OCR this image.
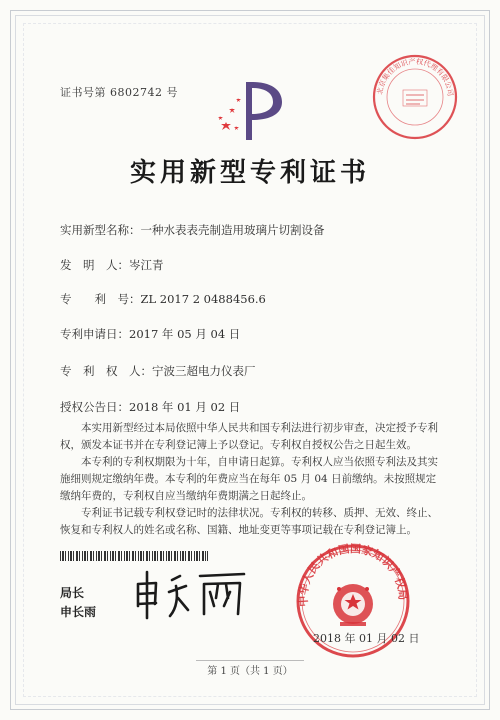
证书号第 6802742 号	北京集佳知识产权代理有限公司
实用新型专利证书
实用新型名称：一种水表表壳制造用玻璃片切割设备
发　明　人：岑江青
专　　利　号：ZL 2017 2 0488456.6
专利申请日：2017 年 05 月 04 日
专　利　权　人：宁波三超电力仪表厂
授权公告日：2018 年 01 月 02 日

本实用新型经过本局依照中华人民共和国专利法进行初步审查，决定授予专利权，颁发本证书并在专利登记簿上予以登记。专利权自授权公告之日起生效。

本专利的专利权期限为十年，自申请日起算。专利权人应当依照专利法及其实施细则规定缴纳年费。本专利的年费应当在每年 05 月 04 日前缴纳。未按照规定缴纳年费的，专利权自应当缴纳年费期满之日起终止。

专利证书记载专利权登记时的法律状况。专利权的转移、质押、无效、终止、恢复和专利权人的姓名或名称、国籍、地址变更等事项记载在专利登记簿上。

局长
申长雨
中华人民共和国国家知识产权局
2018 年 01 月 02 日
第 1 页（共 1 页）
